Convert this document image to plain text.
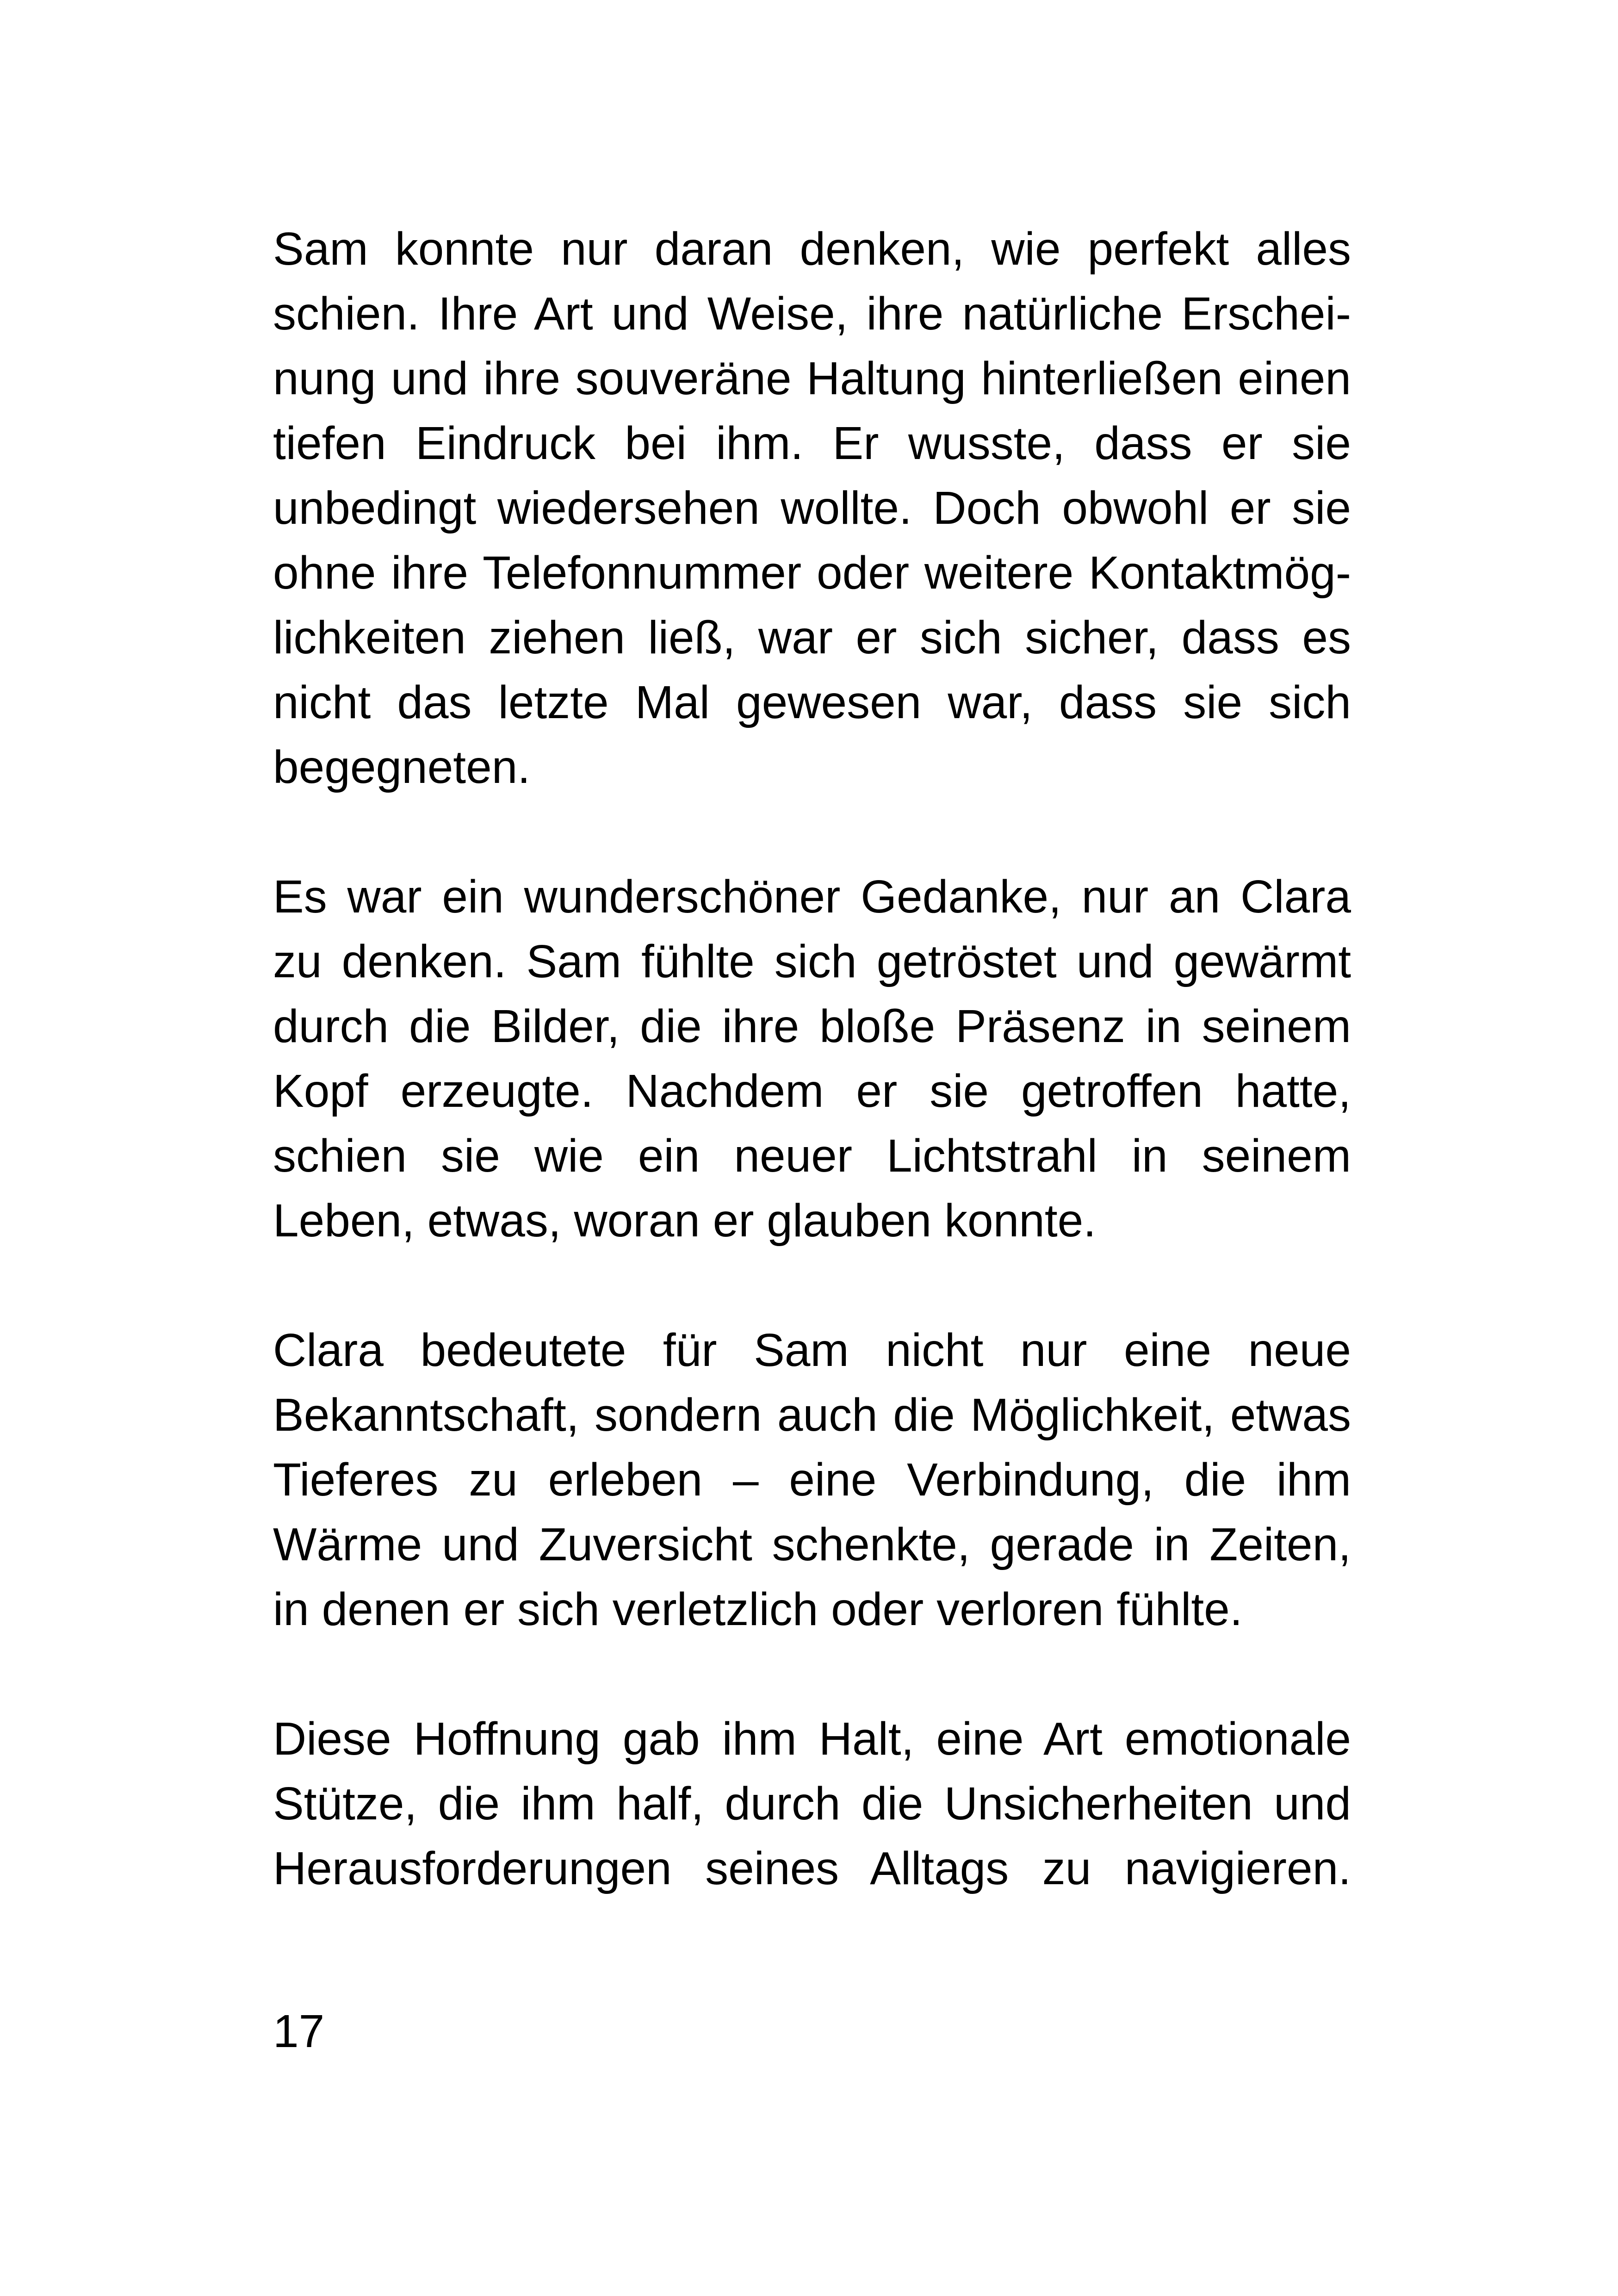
Sam konnte nur daran denken, wie perfekt alles
schien. Ihre Art und Weise, ihre natürliche Erschei-
nung und ihre souveräne Haltung hinterließen einen
tiefen Eindruck bei ihm. Er wusste, dass er sie
unbedingt wiedersehen wollte. Doch obwohl er sie
ohne ihre Telefonnummer oder weitere Kontaktmög-
lichkeiten ziehen ließ, war er sich sicher, dass es
nicht das letzte Mal gewesen war, dass sie sich
begegneten.
Es war ein wunderschöner Gedanke, nur an Clara
zu denken. Sam fühlte sich getröstet und gewärmt
durch die Bilder, die ihre bloße Präsenz in seinem
Kopf erzeugte. Nachdem er sie getroffen hatte,
schien sie wie ein neuer Lichtstrahl in seinem
Leben, etwas, woran er glauben konnte.
Clara bedeutete für Sam nicht nur eine neue
Bekanntschaft, sondern auch die Möglichkeit, etwas
Tieferes zu erleben – eine Verbindung, die ihm
Wärme und Zuversicht schenkte, gerade in Zeiten,
in denen er sich verletzlich oder verloren fühlte.
Diese Hoffnung gab ihm Halt, eine Art emotionale
Stütze, die ihm half, durch die Unsicherheiten und
Herausforderungen seines Alltags zu navigieren.
17
